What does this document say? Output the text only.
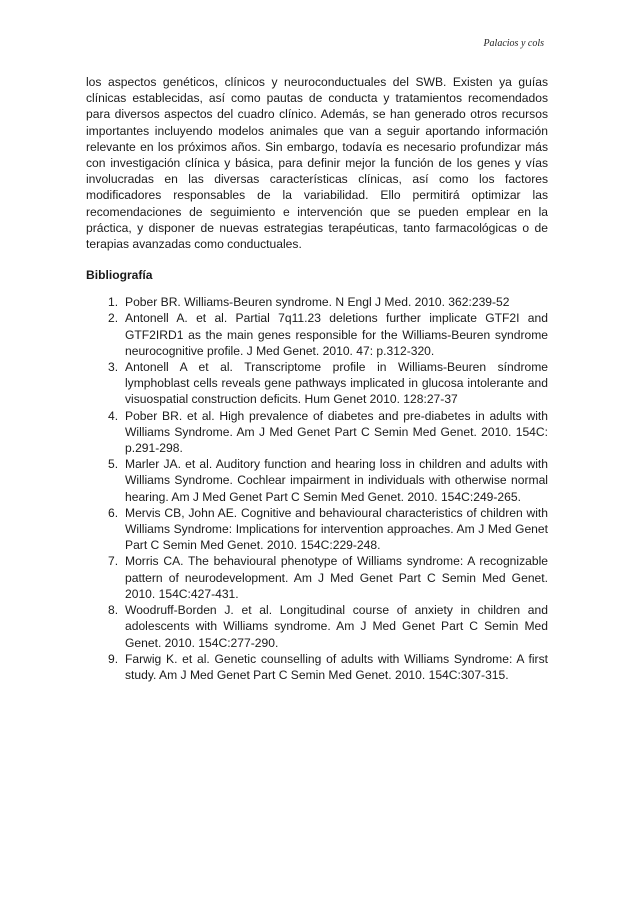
Palacios y cols

los aspectos genéticos, clínicos y neuroconductuales del SWB. Existen ya guías clínicas establecidas, así como pautas de conducta y tratamientos recomendados para diversos aspectos del cuadro clínico. Además, se han generado otros recursos importantes incluyendo modelos animales que van a seguir aportando información relevante en los próximos años. Sin embargo, todavía es necesario profundizar más con investigación clínica y básica, para definir mejor la función de los genes y vías involucradas en las diversas características clínicas, así como los factores modificadores responsables de la variabilidad. Ello permitirá optimizar las recomendaciones de seguimiento e intervención que se pueden emplear en la práctica, y disponer de nuevas estrategias terapéuticas, tanto farmacológicas o de terapias avanzadas como conductuales.

Bibliografía
1. Pober BR. Williams-Beuren syndrome. N Engl J Med. 2010. 362:239-52
2. Antonell A. et al. Partial 7q11.23 deletions further implicate GTF2I and GTF2IRD1 as the main genes responsible for the Williams-Beuren syndrome neurocognitive profile. J Med Genet. 2010. 47: p.312-320.
3. Antonell A et al. Transcriptome profile in Williams-Beuren síndrome lymphoblast cells reveals gene pathways implicated in glucosa intolerante and visuospatial construction deficits. Hum Genet 2010. 128:27-37
4. Pober BR. et al. High prevalence of diabetes and pre-diabetes in adults with Williams Syndrome. Am J Med Genet Part C Semin Med Genet. 2010. 154C: p.291-298.
5. Marler JA. et al. Auditory function and hearing loss in children and adults with Williams Syndrome. Cochlear impairment in individuals with otherwise normal hearing. Am J Med Genet Part C Semin Med Genet. 2010. 154C:249-265.
6. Mervis CB, John AE. Cognitive and behavioural characteristics of children with Williams Syndrome: Implications for intervention approaches. Am J Med Genet Part C Semin Med Genet. 2010. 154C:229-248.
7. Morris CA. The behavioural phenotype of Williams syndrome: A recognizable pattern of neurodevelopment. Am J Med Genet Part C Semin Med Genet. 2010. 154C:427-431.
8. Woodruff-Borden J. et al. Longitudinal course of anxiety in children and adolescents with Williams syndrome. Am J Med Genet Part C Semin Med Genet. 2010. 154C:277-290.
9. Farwig K. et al. Genetic counselling of adults with Williams Syndrome: A first study. Am J Med Genet Part C Semin Med Genet. 2010. 154C:307-315.
